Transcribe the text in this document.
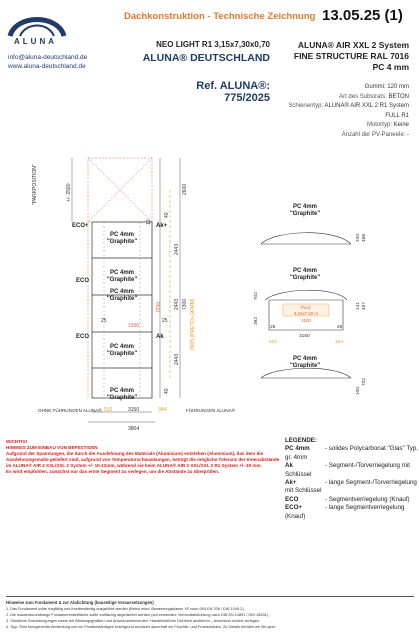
ALUNA
info@aluna-deutschland.de
www.aluna-deutschland.de
Dachkonstruktion - Technische Zeichnung 13.05.25 (1)
NEO LIGHT R1 3,15x7,30x0,70
ALUNA® DEUTSCHLAND
Ref. ALUNA®: 775/2025
ALUNA® AIR XXL 2 System
FINE STRUCTURE RAL 7016
PC 4 mm
Gummi: 120 mm
Art des Substrats: BETON
Schienentyp: ALUNA® AIR XXL 2 R1 System
FULL R1
Motortyp: Keine
Anzahl der PV-Paneele: -
"PARKPOSITION"	+/- 2590	2600
2443
2443
2443
7300
40
40
10
25	25
3100
3150
3804
510	344
7200	8905 (PRETO+GEMM)
ECO+	Ak+
ECO
ECO	Ak
PC 4mm
"Graphite"
PC 4mm
"Graphite"
PC 4mm
"Graphite"
PC 4mm
"Graphite"
PC 4mm
"Graphite"
OHNE FÜHRUNGEN ALUNA®	FÜHRUNGEN ALUNA®
PC 4mm
"Graphite"
PC 4mm
"Graphite"
PC 4mm
"Graphite"
Pool:
3,15x7,30 m
3100
100 468
702
392
141 407
25	25
3150
510	344
100
702
WICHTIG!
HINWEIS ZUM EINBAU VON BEFESTIGEN
Aufgrund der Spannungen, die durch die Ausdehnung des Materials (Aluminium) entstehen (Aluminium), das dem die Ausdehnungsmaße geliefert sind, aufgrund von Temperaturschwankungen, beträgt die mögliche Toleranz der Innenabstände im ALUNA® AIR 2 XXL/XXL 2 System +/- 10-12mm, während sie beim ALUNA® AIR 2 XXL/XXL 2 R1 System +/- 40 mm.
Es wird empfohlen, zunächst nur das erste Segment zu verlegen, um die Abstände zu überprüfen.
LEGENDE:
PC 4mm - solides Polycarbonat "Glas" Typ, gr. 4mm
Ak	- Segment-/Torverriegelung mit Schlüssel
Ak+	- lange Segment-/Torverriegelung mit Schlüssel
ECO	- Segmentverriegelung (Knauf)
ECO+	- lange Segmentverriegelung (Knauf)
Hinweise zum Fundament & zur Abdichtung (bauseitige Voraussetzungen)
1. Das Fundament sollte tragfähig und frostbeständig ausgeführt werden (Beton mind. Bewehrungsklasse XF nach DIN EN 206 / DIN 1045-2).
2. Die wasserdurchlässige Fundamentoberfläche sollte vollflächig abgedichtet werden (auf zementäre Verbundabdichtung nach DIN EN 14891 / DIN 18531).
3. Sämtliche Durchdringungen sowie mit Wartungsgrafiken und Anschlusselementen. Handelsübliche Dichtheit ausführen – Anschluss sichert verfügen.
4. Tipp: Eine fachgerechte Abdichtung und ein Frostbeständiges Untergrund schützen dauerhaft vor Feuchte- und Frostschäden. Zu Details beraten wir Sie gern.
